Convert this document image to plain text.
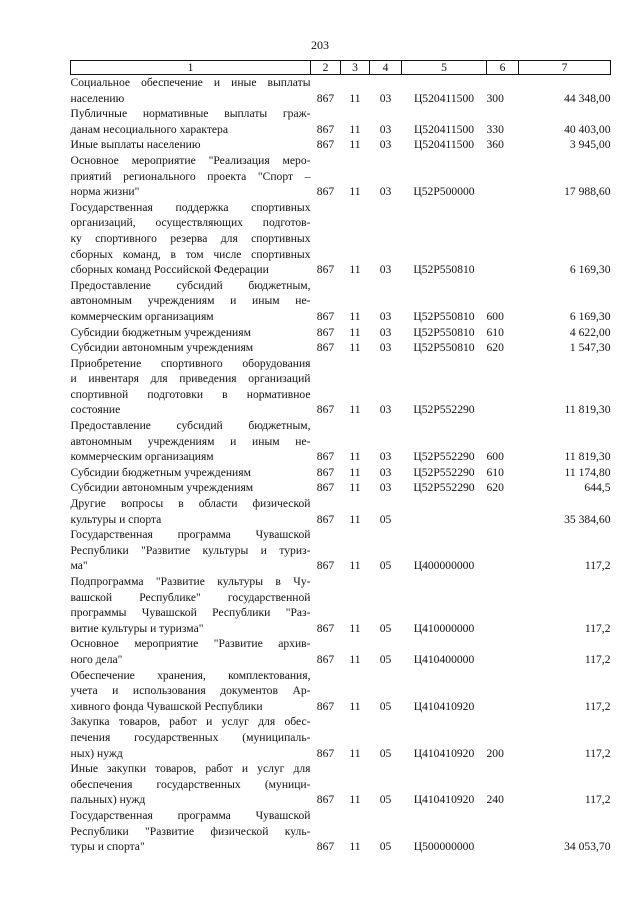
203
1	2	3	4	5	6	7

Социальное обеспечение и иные выплаты
населению	867	11	03	Ц520411500	300	44 348,00

Публичные нормативные выплаты граж-
данам несоциального характера	867	11	03	Ц520411500	330	40 403,00

Иные выплаты населению	867	11	03	Ц520411500	360	3 945,00

Основное мероприятие "Реализация меро-
приятий регионального проекта "Спорт –
норма жизни"	867	11	03	Ц52Р500000		17 988,60

Государственная поддержка спортивных
организаций, осуществляющих подготов-
ку спортивного резерва для спортивных
сборных команд, в том числе спортивных
сборных команд Российской Федерации	867	11	03	Ц52Р550810		6 169,30

Предоставление субсидий бюджетным,
автономным учреждениям и иным не-
коммерческим организациям	867	11	03	Ц52Р550810	600	6 169,30

Субсидии бюджетным учреждениям	867	11	03	Ц52Р550810	610	4 622,00

Субсидии автономным учреждениям	867	11	03	Ц52Р550810	620	1 547,30

Приобретение спортивного оборудования
и инвентаря для приведения организаций
спортивной подготовки в нормативное
состояние	867	11	03	Ц52Р552290		11 819,30

Предоставление субсидий бюджетным,
автономным учреждениям и иным не-
коммерческим организациям	867	11	03	Ц52Р552290	600	11 819,30

Субсидии бюджетным учреждениям	867	11	03	Ц52Р552290	610	11 174,80

Субсидии автономным учреждениям	867	11	03	Ц52Р552290	620	644,5

Другие вопросы в области физической
культуры и спорта	867	11	05			35 384,60

Государственная программа Чувашской
Республики "Развитие культуры и туриз-
ма"	867	11	05	Ц400000000		117,2

Подпрограмма "Развитие культуры в Чу-
вашской Республике" государственной
программы Чувашской Республики "Раз-
витие культуры и туризма"	867	11	05	Ц410000000		117,2

Основное мероприятие "Развитие архив-
ного дела"	867	11	05	Ц410400000		117,2

Обеспечение хранения, комплектования,
учета и использования документов Ар-
хивного фонда Чувашской Республики	867	11	05	Ц410410920		117,2

Закупка товаров, работ и услуг для обес-
печения государственных (муниципаль-
ных) нужд	867	11	05	Ц410410920	200	117,2

Иные закупки товаров, работ и услуг для
обеспечения государственных (муници-
пальных) нужд	867	11	05	Ц410410920	240	117,2

Государственная программа Чувашской
Республики "Развитие физической куль-
туры и спорта"	867	11	05	Ц500000000		34 053,70
